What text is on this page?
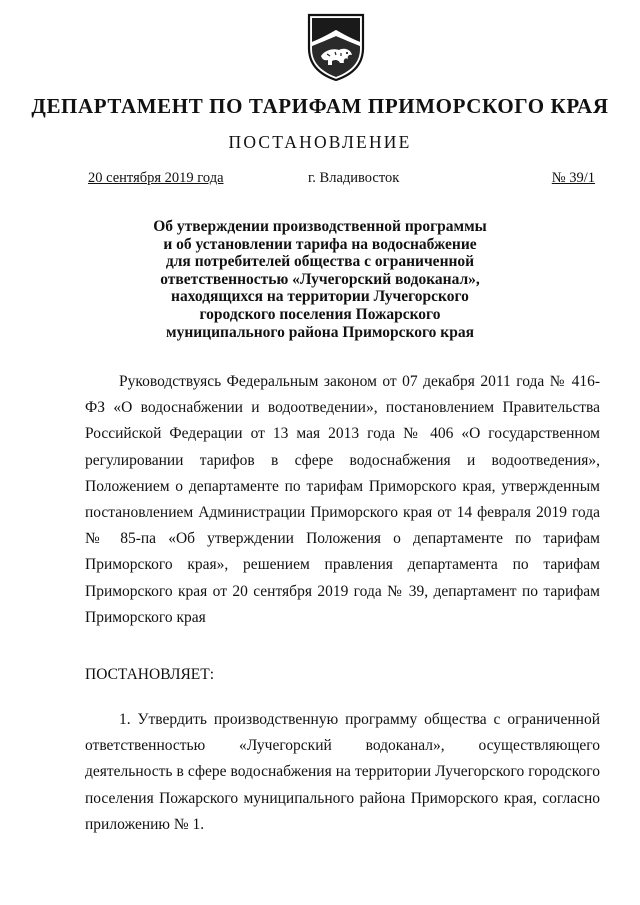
ДЕПАРТАМЕНТ ПО ТАРИФАМ ПРИМОРСКОГО КРАЯ
ПОСТАНОВЛЕНИЕ
20 сентября 2019 года	г. Владивосток	№ 39/1
Об утверждении производственной программы
и об установлении тарифа на водоснабжение
для потребителей общества с ограниченной
ответственностью «Лучегорский водоканал»,
находящихся на территории Лучегорского
городского поселения Пожарского
муниципального района Приморского края
Руководствуясь Федеральным законом от 07 декабря 2011 года № 416-ФЗ «О водоснабжении и водоотведении», постановлением Правительства Российской Федерации от 13 мая 2013 года № 406 «О государственном регулировании тарифов в сфере водоснабжения и водоотведения», Положением о департаменте по тарифам Приморского края, утвержденным постановлением Администрации Приморского края от 14 февраля 2019 года № 85-па «Об утверждении Положения о департаменте по тарифам Приморского края», решением правления департамента по тарифам Приморского края от 20 сентября 2019 года № 39, департамент по тарифам Приморского края
ПОСТАНОВЛЯЕТ:
1. Утвердить производственную программу общества с ограниченной ответственностью «Лучегорский водоканал», осуществляющего деятельность в сфере водоснабжения на территории Лучегорского городского поселения Пожарского муниципального района Приморского края, согласно приложению № 1.
